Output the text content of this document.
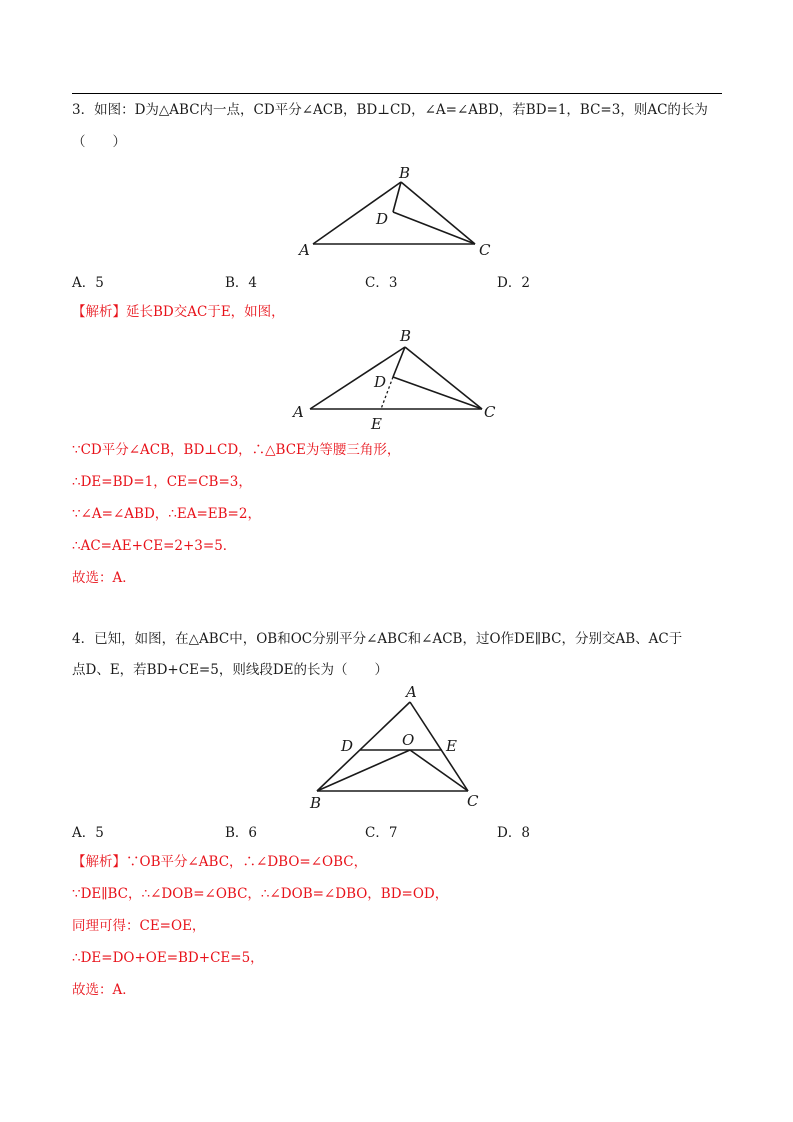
3．如图：D为△ABC内一点，CD平分∠ACB，BD⊥CD，∠A=∠ABD，若BD=1，BC=3，则AC的长为
（　　）
B
D
A	C
A．5	B．4	C．3	D．2
【解析】延长BD交AC于E，如图，
B
D
A
E
C
∵CD平分∠ACB，BD⊥CD，∴△BCE为等腰三角形，
∴DE=BD=1，CE=CB=3，
∵∠A=∠ABD，∴EA=EB=2，
∴AC=AE+CE=2+3=5．
故选：A．
4．已知，如图，在△ABC中，OB和OC分别平分∠ABC和∠ACB，过O作DE∥BC，分别交AB、AC于
点D、E，若BD+CE=5，则线段DE的长为（　　）
A
D	O E
B	C
A．5	B．6	C．7	D．8
【解析】∵OB平分∠ABC，∴∠DBO=∠OBC，
∵DE∥BC，∴∠DOB=∠OBC，∴∠DOB=∠DBO，BD=OD，
同理可得：CE=OE，
∴DE=DO+OE=BD+CE=5，
故选：A．
